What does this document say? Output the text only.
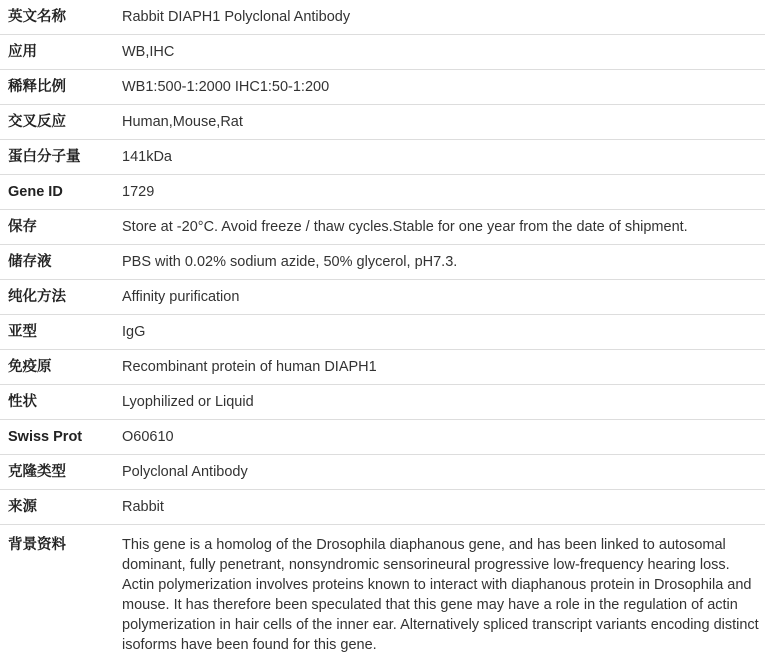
英文名称	Rabbit DIAPH1 Polyclonal Antibody
应用	WB,IHC
稀释比例	WB1:500-1:2000 IHC1:50-1:200
交叉反应	Human,Mouse,Rat
蛋白分子量	141kDa
Gene ID	1729
保存	Store at -20°C. Avoid freeze / thaw cycles.Stable for one year from the date of shipment.
储存液	PBS with 0.02% sodium azide, 50% glycerol, pH7.3.
纯化方法	Affinity purification
亚型	IgG
免疫原	Recombinant protein of human DIAPH1
性状	Lyophilized or Liquid
Swiss Prot	O60610
克隆类型	Polyclonal Antibody
来源	Rabbit
背景资料	This gene is a homolog of the Drosophila diaphanous gene, and has been linked to autosomal dominant, fully penetrant, nonsyndromic sensorineural progressive low-frequency hearing loss. Actin polymerization involves proteins known to interact with diaphanous protein in Drosophila and mouse. It has therefore been speculated that this gene may have a role in the regulation of actin polymerization in hair cells of the inner ear. Alternatively spliced transcript variants encoding distinct isoforms have been found for this gene.
